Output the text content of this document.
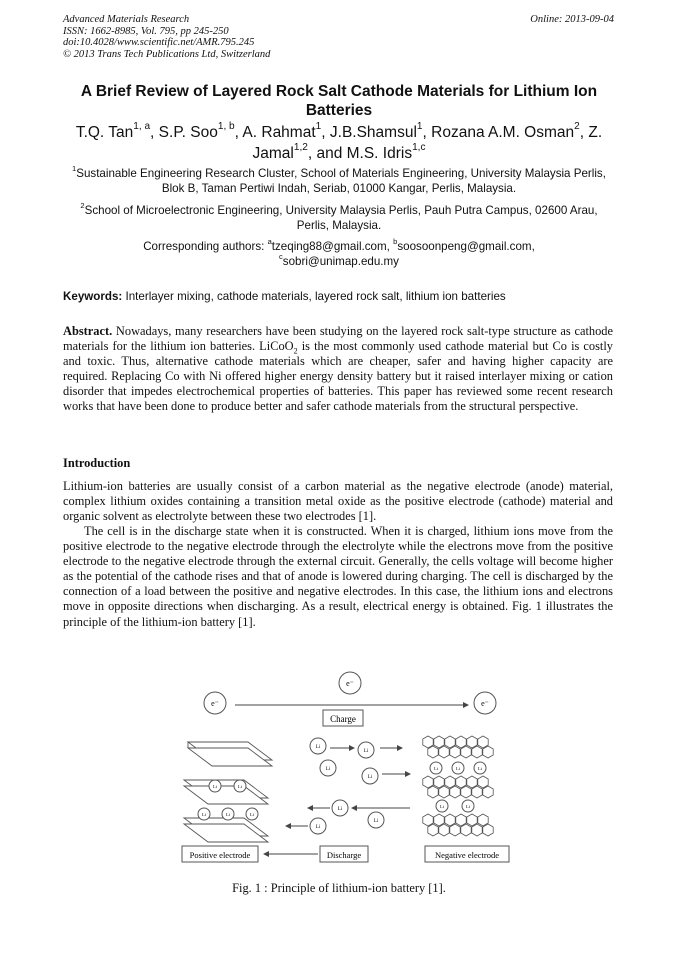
Advanced Materials Research
ISSN: 1662-8985, Vol. 795, pp 245-250
doi:10.4028/www.scientific.net/AMR.795.245
© 2013 Trans Tech Publications Ltd, Switzerland
Online: 2013-09-04
A Brief Review of Layered Rock Salt Cathode Materials for Lithium Ion Batteries
T.Q. Tan$^{1, a}$, S.P. Soo$^{1, b}$, A. Rahmat$^1$, J.B.Shamsul$^1$, Rozana A.M. Osman$^2$, Z. Jamal$^{1,2}$, and M.S. Idris$^{1,c}$
$^1$Sustainable Engineering Research Cluster, School of Materials Engineering, University Malaysia Perlis, Blok B, Taman Pertiwi Indah, Seriab, 01000 Kangar, Perlis, Malaysia.
$^2$School of Microelectronic Engineering, University Malaysia Perlis, Pauh Putra Campus, 02600 Arau, Perlis, Malaysia.
Corresponding authors: $^a$tzeqing88@gmail.com, $^b$soosoonpeng@gmail.com,
$^c$sobri@unimap.edu.my
Keywords: Interlayer mixing, cathode materials, layered rock salt, lithium ion batteries
Abstract. Nowadays, many researchers have been studying on the layered rock salt-type structure as cathode materials for the lithium ion batteries. LiCoO$_2$ is the most commonly used cathode material but Co is costly and toxic. Thus, alternative cathode materials which are cheaper, safer and having higher capacity are required. Replacing Co with Ni offered higher energy density battery but it raised interlayer mixing or cation disorder that impedes electrochemical properties of batteries. This paper has reviewed some recent research works that have been done to produce better and safer cathode materials from the structural perspective.
Introduction
Lithium-ion batteries are usually consist of a carbon material as the negative electrode (anode) material, complex lithium oxides containing a transition metal oxide as the positive electrode (cathode) material and organic solvent as electrolyte between these two electrodes [1].
The cell is in the discharge state when it is constructed. When it is charged, lithium ions move from the positive electrode to the negative electrode through the electrolyte while the electrons move from the positive electrode to the negative electrode through the external circuit. Generally, the cells voltage will become higher as the potential of the cathode rises and that of anode is lowered during charging. The cell is discharged by the connection of a load between the positive and negative electrodes. In this case, the lithium ions and electrons move in opposite directions when discharging. As a result, electrical energy is obtained. Fig. 1 illustrates the principle of the lithium-ion battery [1].
e⁻
e⁻
e⁻
Charge
Li
Li
Li
Li
Li	Li
Li	Li	Li
Positive electrode
Li	Li	Li
Li	Li
Negative electrode
Li
Li
Li
Discharge
Fig. 1 : Principle of lithium-ion battery [1].
